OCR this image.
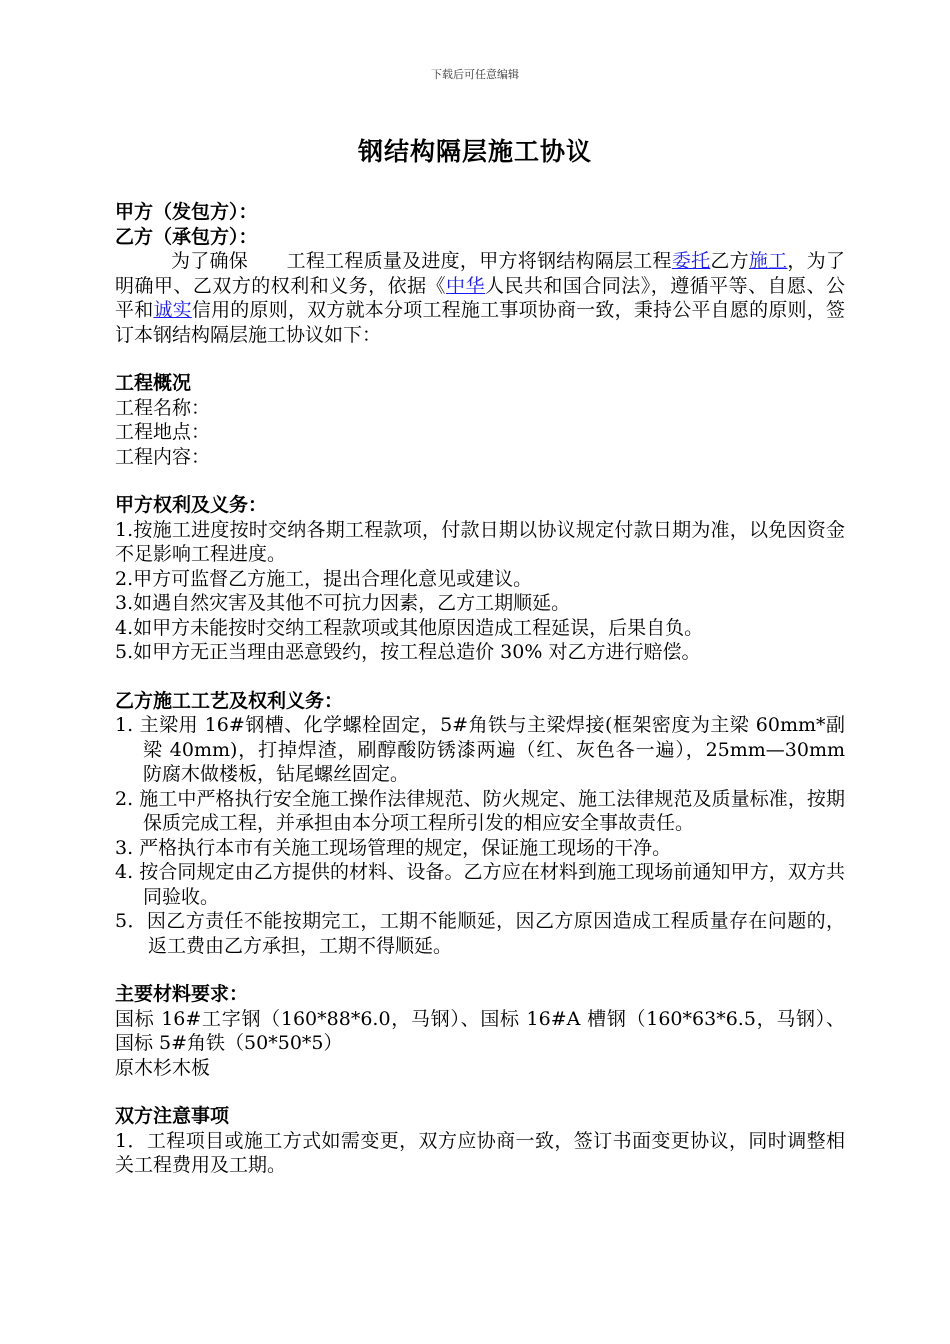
下载后可任意编辑
钢结构隔层施工协议

甲方（发包方）：

乙方（承包方）：

为了确保　　工程工程质量及进度，甲方将钢结构隔层工程委托乙方施工，为了明确甲、乙双方的权利和义务，依据《中华人民共和国合同法》，遵循平等、自愿、公平和诚实信用的原则，双方就本分项工程施工事项协商一致，秉持公平自愿的原则，签订本钢结构隔层施工协议如下：

工程概况

工程名称：

工程地点：

工程内容：

甲方权利及义务：

1.按施工进度按时交纳各期工程款项，付款日期以协议规定付款日期为准，以免因资金不足影响工程进度。

2.甲方可监督乙方施工，提出合理化意见或建议。

3.如遇自然灾害及其他不可抗力因素，乙方工期顺延。

4.如甲方未能按时交纳工程款项或其他原因造成工程延误，后果自负。

5.如甲方无正当理由恶意毁约，按工程总造价 30% 对乙方进行赔偿。

乙方施工工艺及权利义务：

1. 主梁用 16#钢槽、化学螺栓固定，5#角铁与主梁焊接(框架密度为主梁 60mm*副梁 40mm)，打掉焊渣，刷醇酸防锈漆两遍（红、灰色各一遍），25mm—30mm 防腐木做楼板，钻尾螺丝固定。

2. 施工中严格执行安全施工操作法律规范、防火规定、施工法律规范及质量标准，按期保质完成工程，并承担由本分项工程所引发的相应安全事故责任。

3. 严格执行本市有关施工现场管理的规定，保证施工现场的干净。

4. 按合同规定由乙方提供的材料、设备。乙方应在材料到施工现场前通知甲方，双方共同验收。

5．因乙方责任不能按期完工，工期不能顺延，因乙方原因造成工程质量存在问题的，返工费由乙方承担，工期不得顺延。

主要材料要求：

国标 16#工字钢（160*88*6.0，马钢）、国标 16#A 槽钢（160*63*6.5，马钢）、国标 5#角铁（50*50*5）

原木杉木板

双方注意事项

1．工程项目或施工方式如需变更，双方应协商一致，签订书面变更协议，同时调整相关工程费用及工期。
